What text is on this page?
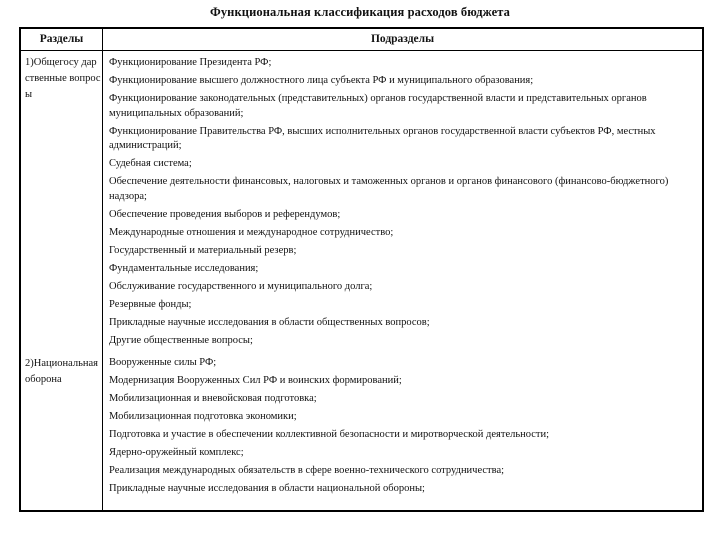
Функциональная классификация расходов бюджета
Разделы	Подразделы
1)Общегосу дарственные вопросы
Функционирование Президента РФ;
Функционирование высшего должностного лица субъекта РФ и муниципального образования;
Функционирование законодательных (представительных) органов государственной власти и представительных органов муниципальных образований;
Функционирование Правительства РФ, высших исполнительных органов государственной власти субъектов РФ, местных администраций;
Судебная система;
Обеспечение деятельности финансовых, налоговых и таможенных органов и органов финансового (финансово-бюджетного) надзора;
Обеспечение проведения выборов и референдумов;
Международные отношения и международное сотрудничество;
Государственный и материальный резерв;
Фундаментальные исследования;
Обслуживание государственного и муниципального долга;
Резервные фонды;
Прикладные научные исследования в области общественных вопросов;
Другие общественные вопросы;
2)Национальная оборона
Вооруженные силы РФ;
Модернизация Вооруженных Сил РФ и воинских формирований;
Мобилизационная и вневойсковая подготовка;
Мобилизационная подготовка экономики;
Подготовка и участие в обеспечении коллективной безопасности и миротворческой деятельности;
Ядерно-оружейный комплекс;
Реализация международных обязательств в сфере военно-технического сотрудничества;
Прикладные научные исследования в области национальной обороны;
